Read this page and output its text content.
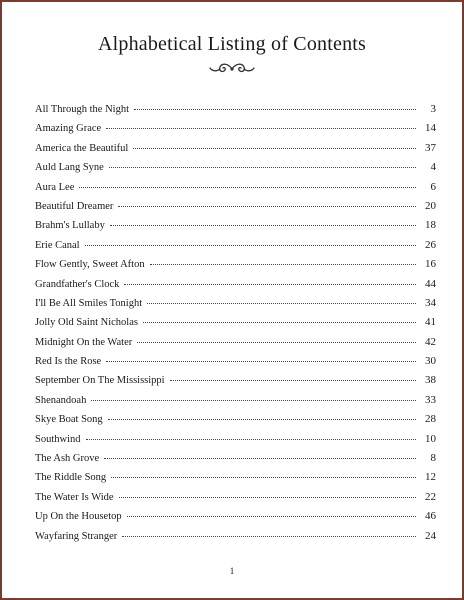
Alphabetical Listing of Contents
All Through the Night	3
Amazing Grace	14
America the Beautiful	37
Auld Lang Syne	4
Aura Lee	6
Beautiful Dreamer	20
Brahm's Lullaby	18
Erie Canal	26
Flow Gently, Sweet Afton	16
Grandfather's Clock	44
I'll Be All Smiles Tonight	34
Jolly Old Saint Nicholas	41
Midnight On the Water	42
Red Is the Rose	30
September On The Mississippi	38
Shenandoah	33
Skye Boat Song	28
Southwind	10
The Ash Grove	8
The Riddle Song	12
The Water Is Wide	22
Up On the Housetop	46
Wayfaring Stranger	24
1
